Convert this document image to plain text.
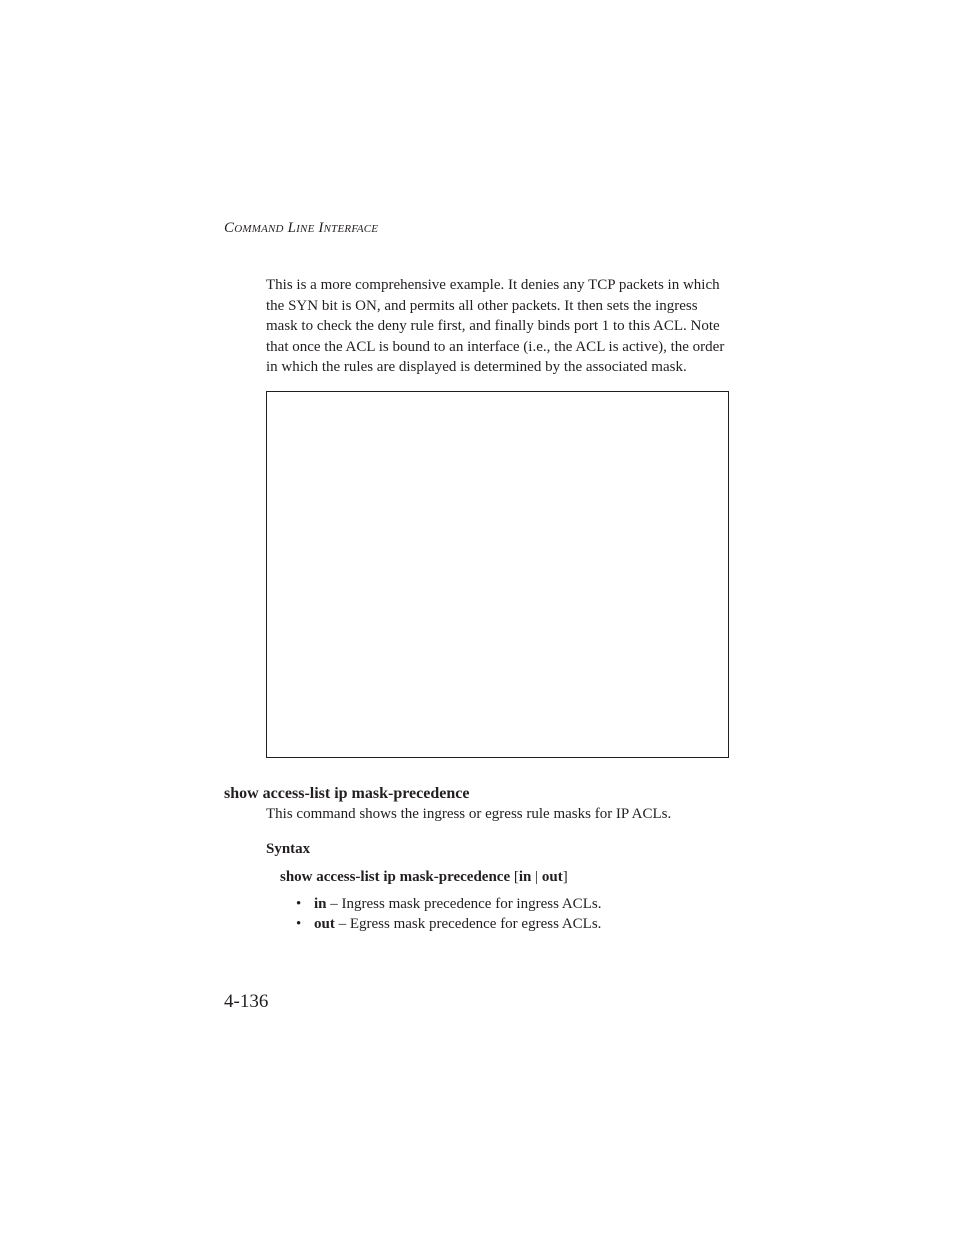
Command Line Interface

This is a more comprehensive example. It denies any TCP packets in which the SYN bit is ON, and permits all other packets. It then sets the ingress mask to check the deny rule first, and finally binds port 1 to this ACL. Note that once the ACL is bound to an interface (i.e., the ACL is active), the order in which the rules are displayed is determined by the associated mask.

show access-list ip mask-precedence

This command shows the ingress or egress rule masks for IP ACLs.

Syntax

show access-list ip mask-precedence [in | out]

• in – Ingress mask precedence for ingress ACLs.
• out – Egress mask precedence for egress ACLs.
4-136
